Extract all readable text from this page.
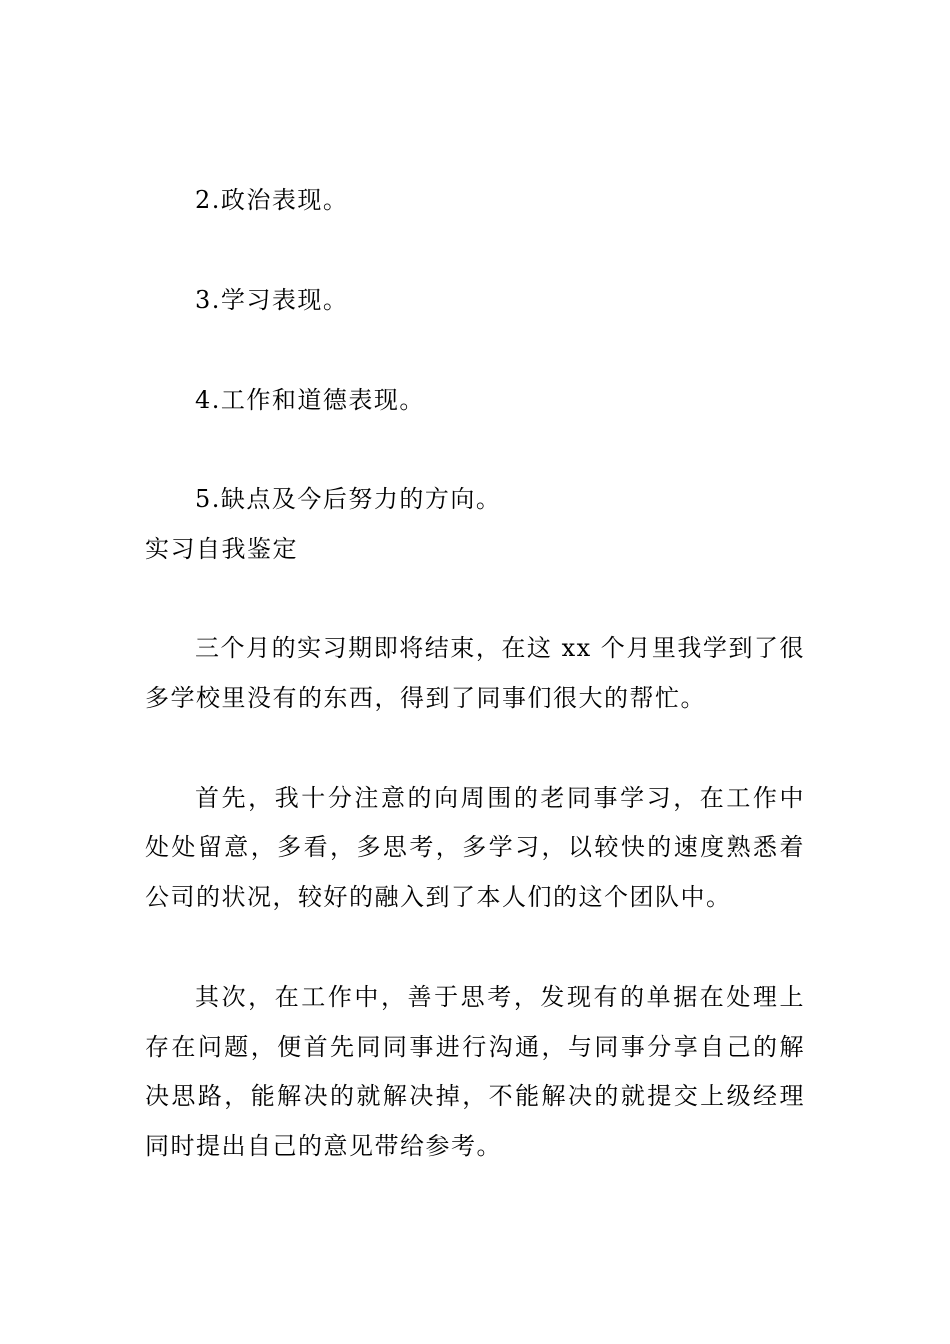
2.政治表现。
3.学习表现。
4.工作和道德表现。
5.缺点及今后努力的方向。
实习自我鉴定
三个月的实习期即将结束，在这 xx 个月里我学到了很
多学校里没有的东西，得到了同事们很大的帮忙。
首先，我十分注意的向周围的老同事学习，在工作中
处处留意，多看，多思考，多学习，以较快的速度熟悉着
公司的状况，较好的融入到了本人们的这个团队中。
其次，在工作中，善于思考，发现有的单据在处理上
存在问题，便首先同同事进行沟通，与同事分享自己的解
决思路，能解决的就解决掉，不能解决的就提交上级经理
同时提出自己的意见带给参考。
